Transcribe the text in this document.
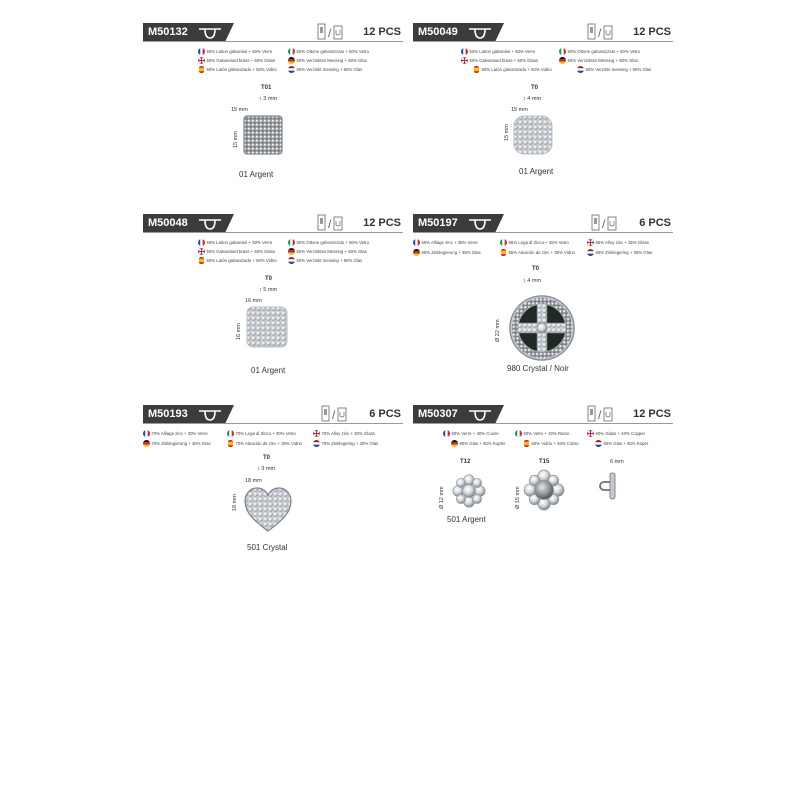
M50132	/	12 PCS
50% Laiton galvanisé + 50% Verre	50% Ottone galvanizzato + 50% Vetro
50% Galvanised brass + 50% Glass	50% Verzinktes Messing + 50% Glas
50% Latón galvanizado + 50% Vidrio	50% Verzinkt messing + 50% Glas
T01
↕ 3 mm
15 mm
15 mm
01 Argent
M50049	/	12 PCS
50% Laiton galvanisé + 50% Verre	50% Ottone galvanizzato + 50% Vetro
50% Galvanised brass + 50% Glass	50% Verzinktes Messing + 50% Glas
50% Latón galvanizado + 50% Vidrio	50% Verzinkt messing + 50% Glas
T0
↕ 4 mm
15 mm
15 mm
01 Argent
M50048	/	12 PCS
50% Laiton galvanisé + 50% Verre	50% Ottone galvanizzato + 50% Vetro
50% Galvanised brass + 50% Glass	50% Verzinktes Messing + 50% Glas
50% Latón galvanizado + 50% Vidrio	50% Verzinkt messing + 50% Glas
T0
↕ 5 mm
16 mm
16 mm
01 Argent
M50197	/	6 PCS
65% Alliage zinc + 35% Verre	65% Lega di Zinco + 35% Vetro	65% Alloy zinc + 35% Glass
65% Zinklegierung + 35% Glas	65% Aleación de zinc + 35% Vidrio	65% Zinklegering + 35% Glas
T0
↕ 4 mm
Ø 22 mm
980 Crystal / Noir
M50193	/	6 PCS
70% Alliage zinc + 30% Verre	70% Lega di Zinco + 30% Vetro	70% Alloy zinc + 30% Glass
70% Zinklegierung + 30% Glas	70% Aleación de zinc + 30% Vidrio	70% Zinklegering + 30% Glas
T0
↕ 3 mm
18 mm
18 mm
501 Crystal
M50307	/	12 PCS
60% Verre + 40% Cuivre	60% Vetro + 40% Rame	60% Glass + 40% Copper
60% Glas + 40% Kupfer	60% Vidrio + 40% Cobre	60% Glas + 40% Koper
T12	T15	6 mm
Ø 12 mm	Ø 15 mm
501 Argent
